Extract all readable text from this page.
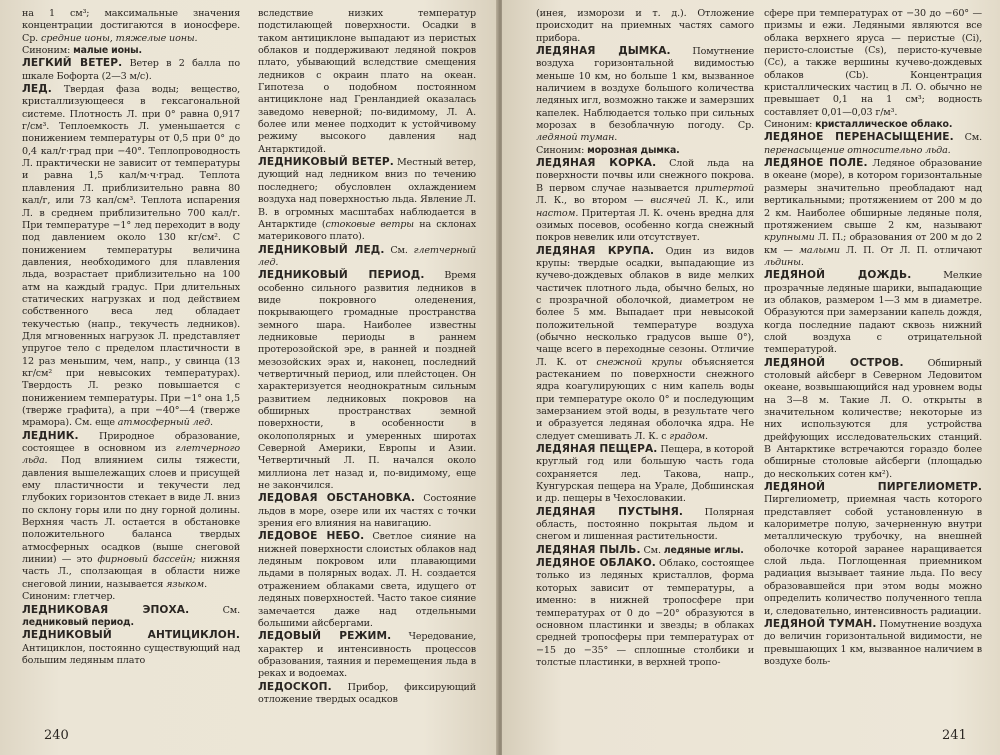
на 1 см³; максимальные значения концентрации достигаются в ионосфере. Ср. средние ионы, тяжелые ионы.

Синоним: малые ионы.

ЛЕГКИЙ ВЕТЕР. Ветер в 2 балла по шкале Бофорта (2—3 м/с).

ЛЕД. Твердая фаза воды; вещество, кристаллизующееся в гексагональной системе. Плотность Л. при 0° равна 0,917 г/см³. Теплоемкость Л. уменьшается с понижением температуры от 0,5 при 0° до 0,4 кал/г·град при −40°. Теплопроводность Л. практически не зависит от температуры и равна 1,5 кал/м·ч·град. Теплота плавления Л. приблизительно равна 80 кал/г, или 73 кал/см³. Теплота испарения Л. в среднем приблизительно 700 кал/г. При температуре −1° лед переходит в воду под давлением около 130 кг/см². С понижением температуры величина давления, необходимого для плавления льда, возрастает приблизительно на 100 атм на каждый градус. При длительных статических нагрузках и под действием собственного веса лед обладает текучестью (напр., текучесть ледников). Для мгновенных нагрузок Л. представляет упругое тело с пределом пластичности в 12 раз меньшим, чем, напр., у свинца (13 кг/см² при невысоких температурах). Твердость Л. резко повышается с понижением температуры. При −1° она 1,5 (тверже графита), а при −40°—4 (тверже мрамора). См. еще атмосферный лед.

ЛЕДНИК. Природное образование, состоящее в основном из глетчерного льда. Под влиянием силы тяжести, давления вышележащих слоев и присущей ему пластичности и текучести лед глубоких горизонтов стекает в виде Л. вниз по склону горы или по дну горной долины. Верхняя часть Л. остается в обстановке положительного баланса твердых атмосферных осадков (выше снеговой линии) — это фирновый бассейн; нижняя часть Л., сползающая в области ниже снеговой линии, называется языком.

Синоним: глетчер.

ЛЕДНИКОВАЯ ЭПОХА. См. ледниковый период.

ЛЕДНИКОВЫЙ АНТИЦИКЛОН. Антициклон, постоянно существующий над большим ледяным плато

вследствие низких температур подстилающей поверхности. Осадки в таком антициклоне выпадают из перистых облаков и поддерживают ледяной покров плато, убывающий вследствие смещения ледников с окраин плато на океан. Гипотеза о подобном постоянном антициклоне над Гренландией оказалась заведомо неверной; по-видимому, Л. А. более или менее подходит к устойчивому режиму высокого давления над Антарктидой.

ЛЕДНИКОВЫЙ ВЕТЕР. Местный ветер, дующий над ледником вниз по течению последнего; обусловлен охлаждением воздуха над поверхностью льда. Явление Л. В. в огромных масштабах наблюдается в Антарктиде (стоковые ветры на склонах материкового плато).

ЛЕДНИКОВЫЙ ЛЕД. См. глетчерный лед.

ЛЕДНИКОВЫЙ ПЕРИОД. Время особенно сильного развития ледников в виде покровного оледенения, покрывающего громадные пространства земного шара. Наиболее известны ледниковые периоды в раннем протерозойской эре, в ранней и поздней мезозойских эрах и, наконец, последний четвертичный период, или плейстоцен. Он характеризуется неоднократным сильным развитием ледниковых покровов на обширных пространствах земной поверхности, в особенности в околополярных и умеренных широтах Северной Америки, Европы и Азии. Четвертичный Л. П. начался около миллиона лет назад и, по-видимому, еще не закончился.

ЛЕДОВАЯ ОБСТАНОВКА. Состояние льдов в море, озере или их частях с точки зрения его влияния на навигацию.

ЛЕДОВОЕ НЕБО. Светлое сияние на нижней поверхности слоистых облаков над ледяным покровом или плавающими льдами в полярных водах. Л. Н. создается отражением облаками света, идущего от ледяных поверхностей. Часто такое сияние замечается даже над отдельными большими айсбергами.

ЛЕДОВЫЙ РЕЖИМ. Чередование, характер и интенсивность процессов образования, таяния и перемещения льда в реках и водоемах.

ЛЕДОСКОП. Прибор, фиксирующий отложение твердых осадков

240

(инея, изморози и т. д.). Отложение происходит на приемных частях самого прибора.

ЛЕДЯНАЯ ДЫМКА. Помутнение воздуха горизонтальной видимостью меньше 10 км, но больше 1 км, вызванное наличием в воздухе большого количества ледяных игл, возможно также и замерзших капелек. Наблюдается только при сильных морозах в безоблачную погоду. Ср. ледяной туман.

Синоним: морозная дымка.

ЛЕДЯНАЯ КОРКА. Слой льда на поверхности почвы или снежного покрова. В первом случае называется притертой Л. К., во втором — висячей Л. К., или настом. Притертая Л. К. очень вредна для озимых посевов, особенно когда снежный покров невелик или отсутствует.

ЛЕДЯНАЯ КРУПА. Один из видов крупы: твердые осадки, выпадающие из кучево-дождевых облаков в виде мелких частичек плотного льда, обычно белых, но с прозрачной оболочкой, диаметром не более 5 мм. Выпадает при невысокой положительной температуре воздуха (обычно несколько градусов выше 0°), чаще всего в переходные сезоны. Отличие Л. К. от снежной крупы объясняется растеканием по поверхности снежного ядра коагулирующих с ним капель воды при температуре около 0° и последующим замерзанием этой воды, в результате чего и образуется ледяная оболочка ядра. Не следует смешивать Л. К. с градом.

ЛЕДЯНАЯ ПЕЩЕРА. Пещера, в которой круглый год или большую часть года сохраняется лед. Такова, напр., Кунгурская пещера на Урале, Добшинская и др. пещеры в Чехословакии.

ЛЕДЯНАЯ ПУСТЫНЯ. Полярная область, постоянно покрытая льдом и снегом и лишенная растительности.

ЛЕДЯНАЯ ПЫЛЬ. См. ледяные иглы.

ЛЕДЯНОЕ ОБЛАКО. Облако, состоящее только из ледяных кристаллов, форма которых зависит от температуры, а именно: в нижней тропосфере при температурах от 0 до −20° образуются в основном пластинки и звезды; в облаках средней тропосферы при температурах от −15 до −35° — сплошные столбики и толстые пластинки, в верхней тропо-

сфере при температурах от −30 до −60° — призмы и ежи. Ледяными являются все облака верхнего яруса — перистые (Ci), перисто-слоистые (Cs), перисто-кучевые (Cc), а также вершины кучево-дождевых облаков (Cb). Концентрация кристаллических частиц в Л. О. обычно не превышает 0,1 на 1 см³; водность составляет 0,01—0,03 г/м³.

Синоним: кристаллическое облако.

ЛЕДЯНОЕ ПЕРЕНАСЫЩЕНИЕ. См. перенасыщение относительно льда.

ЛЕДЯНОЕ ПОЛЕ. Ледяное образование в океане (море), в котором горизонтальные размеры значительно преобладают над вертикальными; протяжением от 200 м до 2 км. Наиболее обширные ледяные поля, протяжением свыше 2 км, называют крупными Л. П.; образования от 200 м до 2 км — малыми Л. П. От Л. П. отличают льдины.

ЛЕДЯНОЙ ДОЖДЬ. Мелкие прозрачные ледяные шарики, выпадающие из облаков, размером 1—3 мм в диаметре. Образуются при замерзании капель дождя, когда последние падают сквозь нижний слой воздуха с отрицательной температурой.

ЛЕДЯНОЙ ОСТРОВ. Обширный столовый айсберг в Северном Ледовитом океане, возвышающийся над уровнем воды на 3—8 м. Такие Л. О. открыты в значительном количестве; некоторые из них используются для устройства дрейфующих исследовательских станций. В Антарктике встречаются гораздо более обширные столовые айсберги (площадью до нескольких сотен км²).

ЛЕДЯНОЙ ПИРГЕЛИОМЕТР. Пиргелиометр, приемная часть которого представляет собой установленную в калориметре полую, зачерненную внутри металлическую трубочку, на внешней оболочке которой заранее наращивается слой льда. Поглощенная приемником радиация вызывает таяние льда. По весу образовавшейся при этом воды можно определить количество полученного тепла и, следовательно, интенсивность радиации.

ЛЕДЯНОЙ ТУМАН. Помутнение воздуха до величин горизонтальной видимости, не превышающих 1 км, вызванное наличием в воздухе боль-

241
